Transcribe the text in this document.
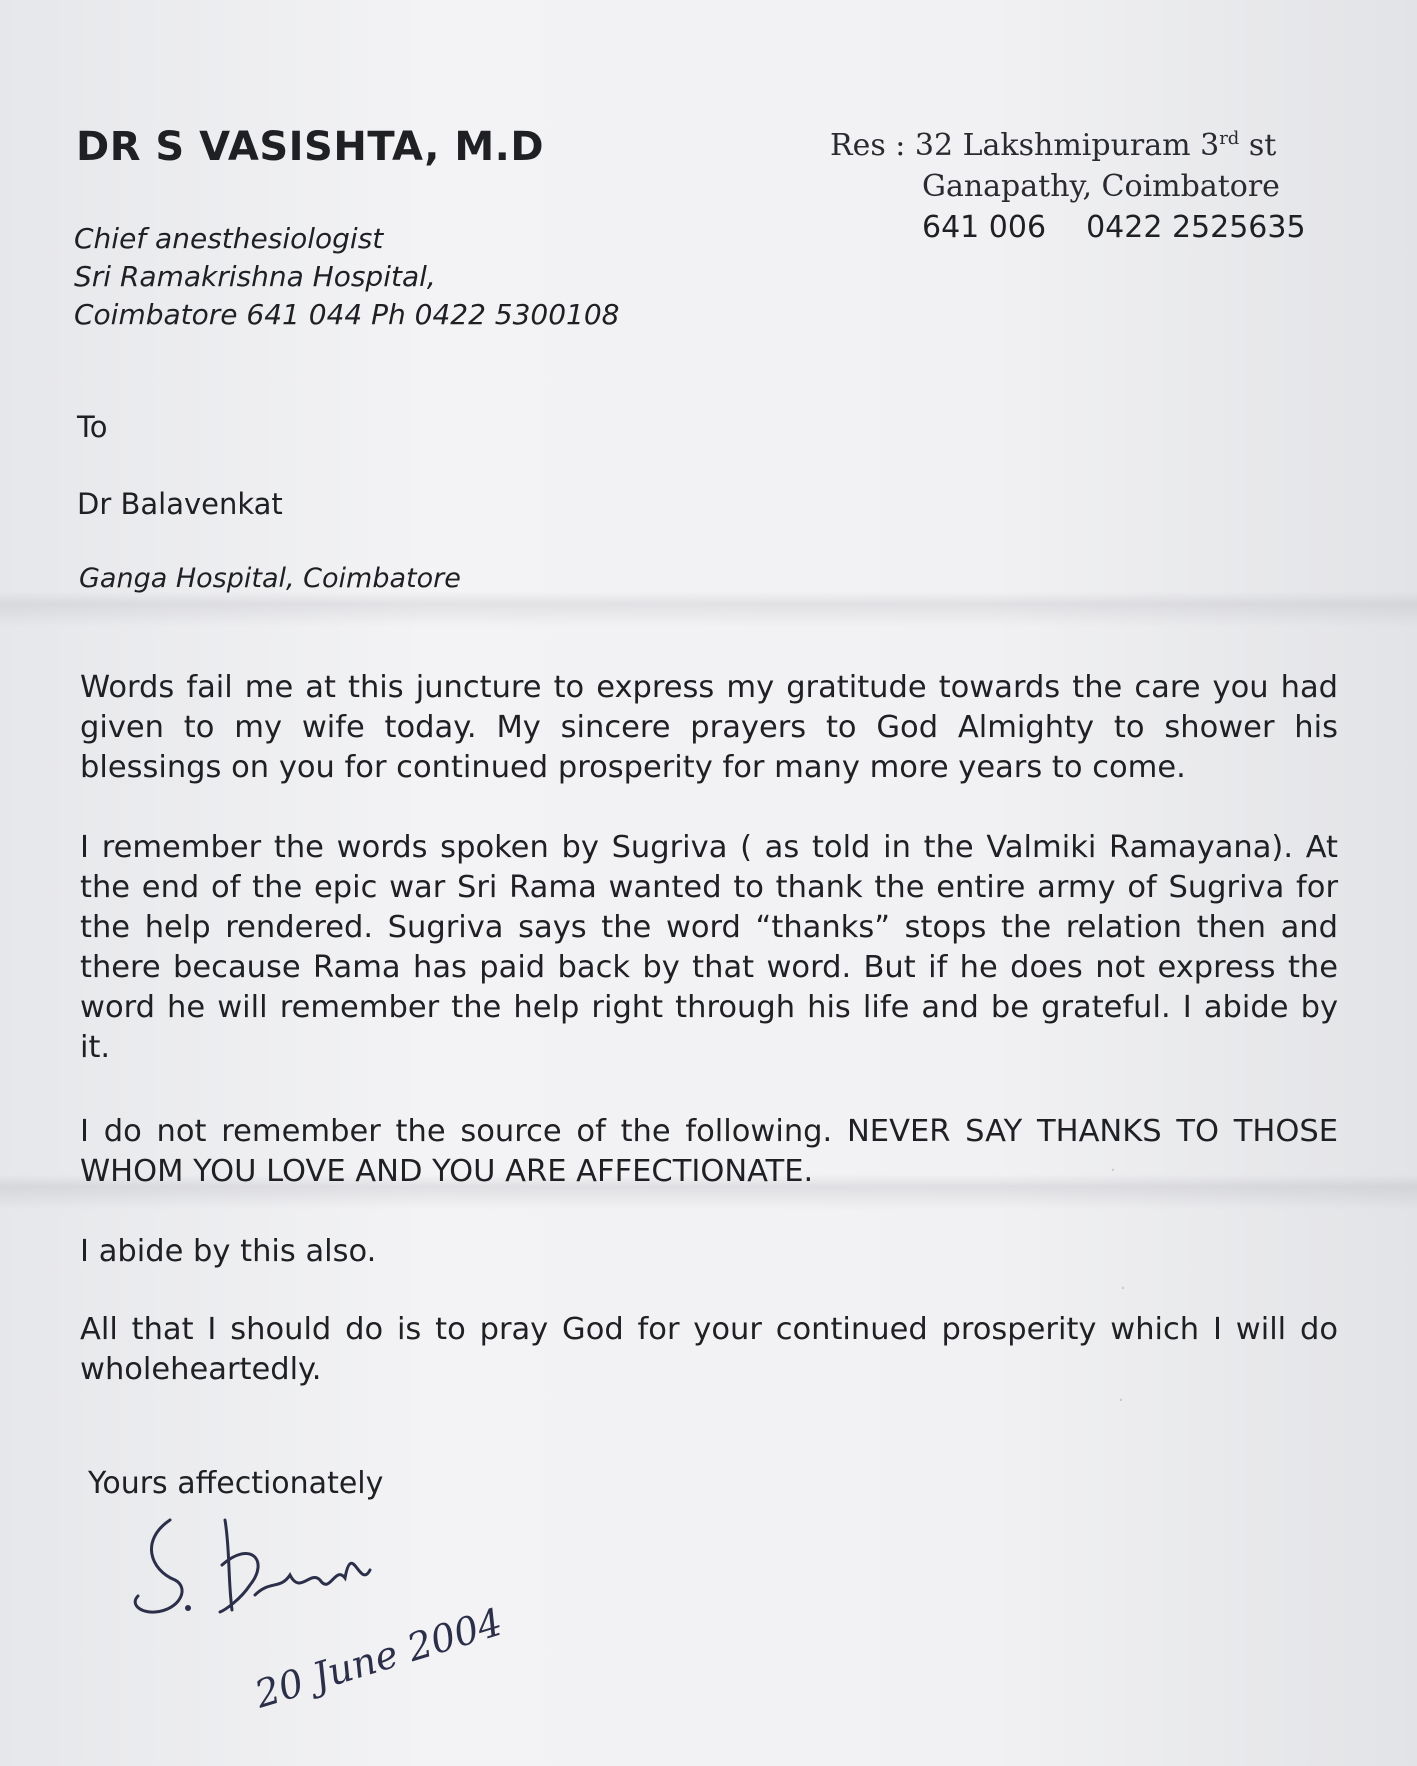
DR S VASISHTA, M.D
Chief anesthesiologist
Sri Ramakrishna Hospital,
Coimbatore 641 044 Ph 0422 5300108
Res : 32 Lakshmipuram 3rd st
Ganapathy, Coimbatore
641 006 0422 2525635
To
Dr Balavenkat
Ganga Hospital, Coimbatore

Words fail me at this juncture to express my gratitude towards the care you had given to my wife today. My sincere prayers to God Almighty to shower his blessings on you for continued prosperity for many more years to come.

I remember the words spoken by Sugriva ( as told in the Valmiki Ramayana). At the end of the epic war Sri Rama wanted to thank the entire army of Sugriva for the help rendered. Sugriva says the word “thanks” stops the relation then and there because Rama has paid back by that word. But if he does not express the word he will remember the help right through his life and be grateful. I abide by it.

I do not remember the source of the following. NEVER SAY THANKS TO THOSE WHOM YOU LOVE AND YOU ARE AFFECTIONATE.

I abide by this also.

All that I should do is to pray God for your continued prosperity which I will do wholeheartedly.

Yours affectionately
20 June 2004
·
·
·
